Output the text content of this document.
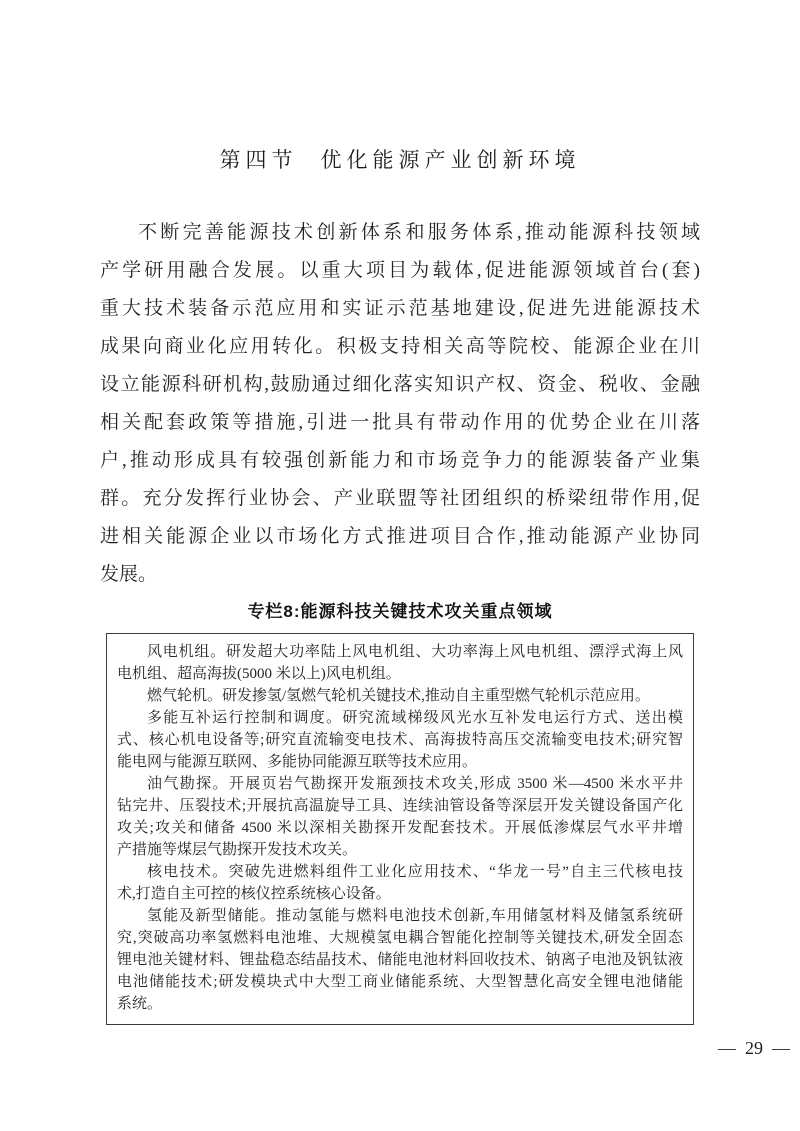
第四节 优化能源产业创新环境
不断完善能源技术创新体系和服务体系,推动能源科技领域
产学研用融合发展。以重大项目为载体,促进能源领域首台(套)
重大技术装备示范应用和实证示范基地建设,促进先进能源技术
成果向商业化应用转化。积极支持相关高等院校、能源企业在川
设立能源科研机构,鼓励通过细化落实知识产权、资金、税收、金融
相关配套政策等措施,引进一批具有带动作用的优势企业在川落
户,推动形成具有较强创新能力和市场竞争力的能源装备产业集
群。充分发挥行业协会、产业联盟等社团组织的桥梁纽带作用,促
进相关能源企业以市场化方式推进项目合作,推动能源产业协同
发展。
专栏8:能源科技关键技术攻关重点领域
风电机组。研发超大功率陆上风电机组、大功率海上风电机组、漂浮式海上风
电机组、超高海拔(5000 米以上)风电机组。
燃气轮机。研发掺氢/氢燃气轮机关键技术,推动自主重型燃气轮机示范应用。
多能互补运行控制和调度。研究流域梯级风光水互补发电运行方式、送出模
式、核心机电设备等;研究直流输变电技术、高海拔特高压交流输变电技术;研究智
能电网与能源互联网、多能协同能源互联等技术应用。
油气勘探。开展页岩气勘探开发瓶颈技术攻关,形成 3500 米—4500 米水平井
钻完井、压裂技术;开展抗高温旋导工具、连续油管设备等深层开发关键设备国产化
攻关;攻关和储备 4500 米以深相关勘探开发配套技术。开展低渗煤层气水平井增
产措施等煤层气勘探开发技术攻关。
核电技术。突破先进燃料组件工业化应用技术、“华龙一号”自主三代核电技
术,打造自主可控的核仪控系统核心设备。
氢能及新型储能。推动氢能与燃料电池技术创新,车用储氢材料及储氢系统研
究,突破高功率氢燃料电池堆、大规模氢电耦合智能化控制等关键技术,研发全固态
锂电池关键材料、锂盐稳态结晶技术、储能电池材料回收技术、钠离子电池及钒钛液
电池储能技术;研发模块式中大型工商业储能系统、大型智慧化高安全锂电池储能
系统。
— 29 —
